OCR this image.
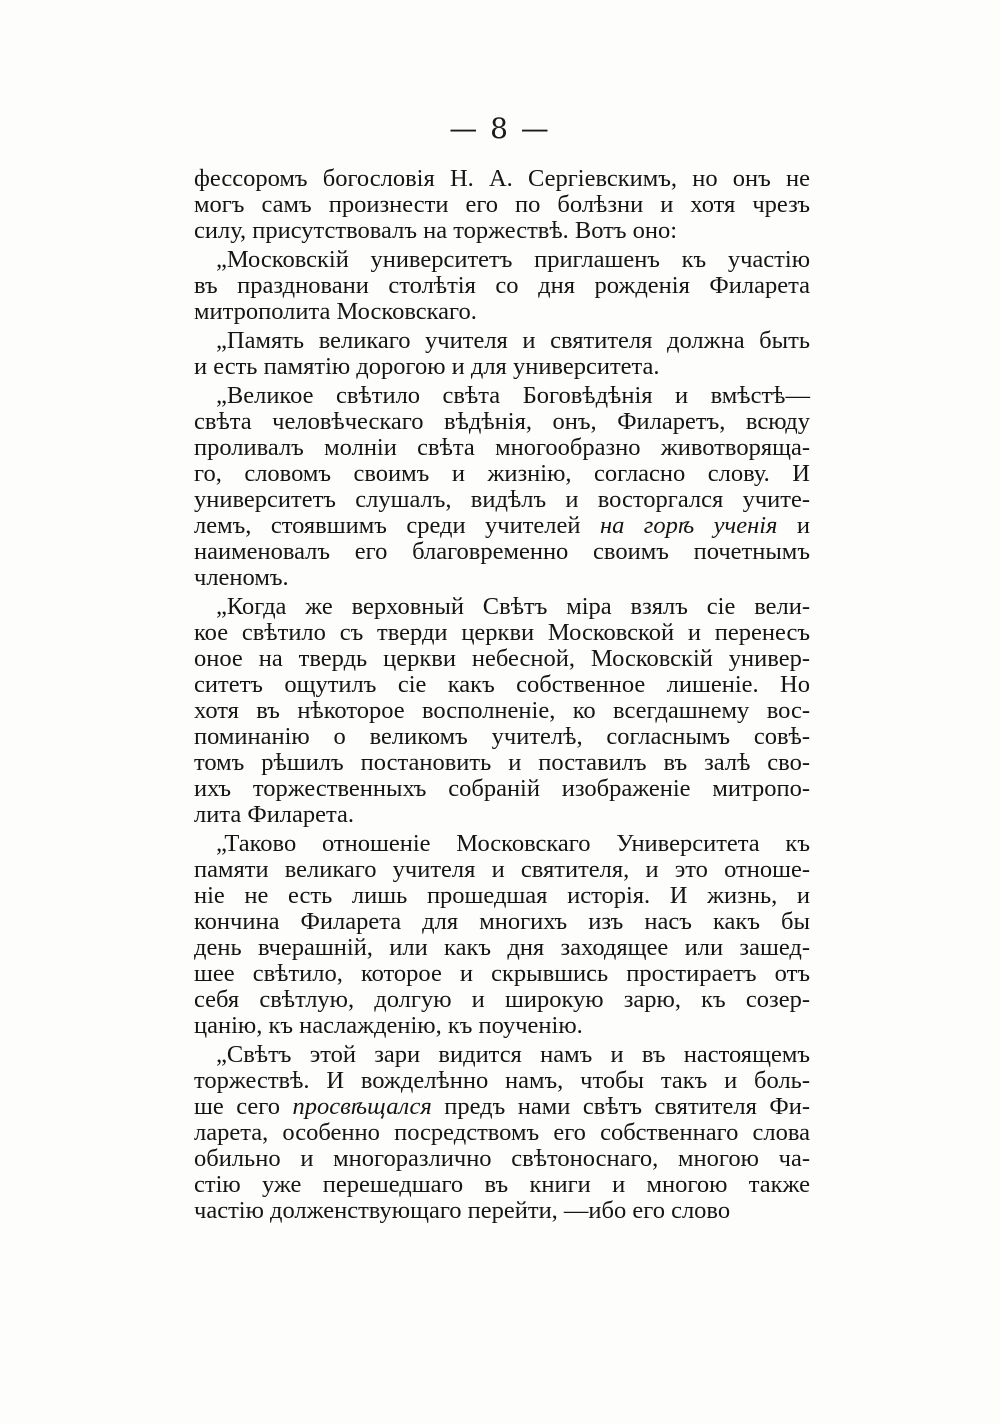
— 8 —
фессоромъ богословія Н. А. Сергіевскимъ, но онъ не
могъ самъ произнести его по болѣзни и хотя чрезъ
силу, присутствовалъ на торжествѣ. Вотъ оно:
„Московскій университетъ приглашенъ къ участію
въ праздновани столѣтія со дня рожденія Филарета
митрополита Московскаго.
„Память великаго учителя и святителя должна быть
и есть памятію дорогою и для университета.
„Великое свѣтило свѣта Боговѣдѣнія и вмѣстѣ—
свѣта человѣческаго вѣдѣнія, онъ, Филаретъ, всюду
проливалъ молніи свѣта многообразно животворяща-
го, словомъ своимъ и жизнію, согласно слову. И
университетъ слушалъ, видѣлъ и восторгался учите-
лемъ, стоявшимъ среди учителей на горѣ ученія и
наименовалъ его благовременно своимъ почетнымъ
членомъ.
„Когда же верховный Свѣтъ міра взялъ сіе вели-
кое свѣтило съ тверди церкви Московской и перенесъ
оное на твердь церкви небесной, Московскій универ-
ситетъ ощутилъ сіе какъ собственное лишеніе. Но
хотя въ нѣкоторое восполненіе, ко всегдашнему вос-
поминанію о великомъ учителѣ, согласнымъ совѣ-
томъ рѣшилъ постановить и поставилъ въ залѣ сво-
ихъ торжественныхъ собраній изображеніе митропо-
лита Филарета.
„Таково отношеніе Московскаго Университета къ
памяти великаго учителя и святителя, и это отноше-
ніе не есть лишь прошедшая исторія. И жизнь, и
кончина Филарета для многихъ изъ насъ какъ бы
день вчерашній, или какъ дня заходящее или зашед-
шее свѣтило, которое и скрывшись простираетъ отъ
себя свѣтлую, долгую и широкую зарю, къ созер-
цанію, къ наслажденію, къ поученію.
„Свѣтъ этой зари видится намъ и въ настоящемъ
торжествѣ. И вожделѣнно намъ, чтобы такъ и боль-
ше сего просвѣщался предъ нами свѣтъ святителя Фи-
ларета, особенно посредствомъ его собственнаго слова
обильно и многоразлично свѣтоноснаго, многою ча-
стію уже перешедшаго въ книги и многою также
частію долженствующаго перейти, —ибо его слово
